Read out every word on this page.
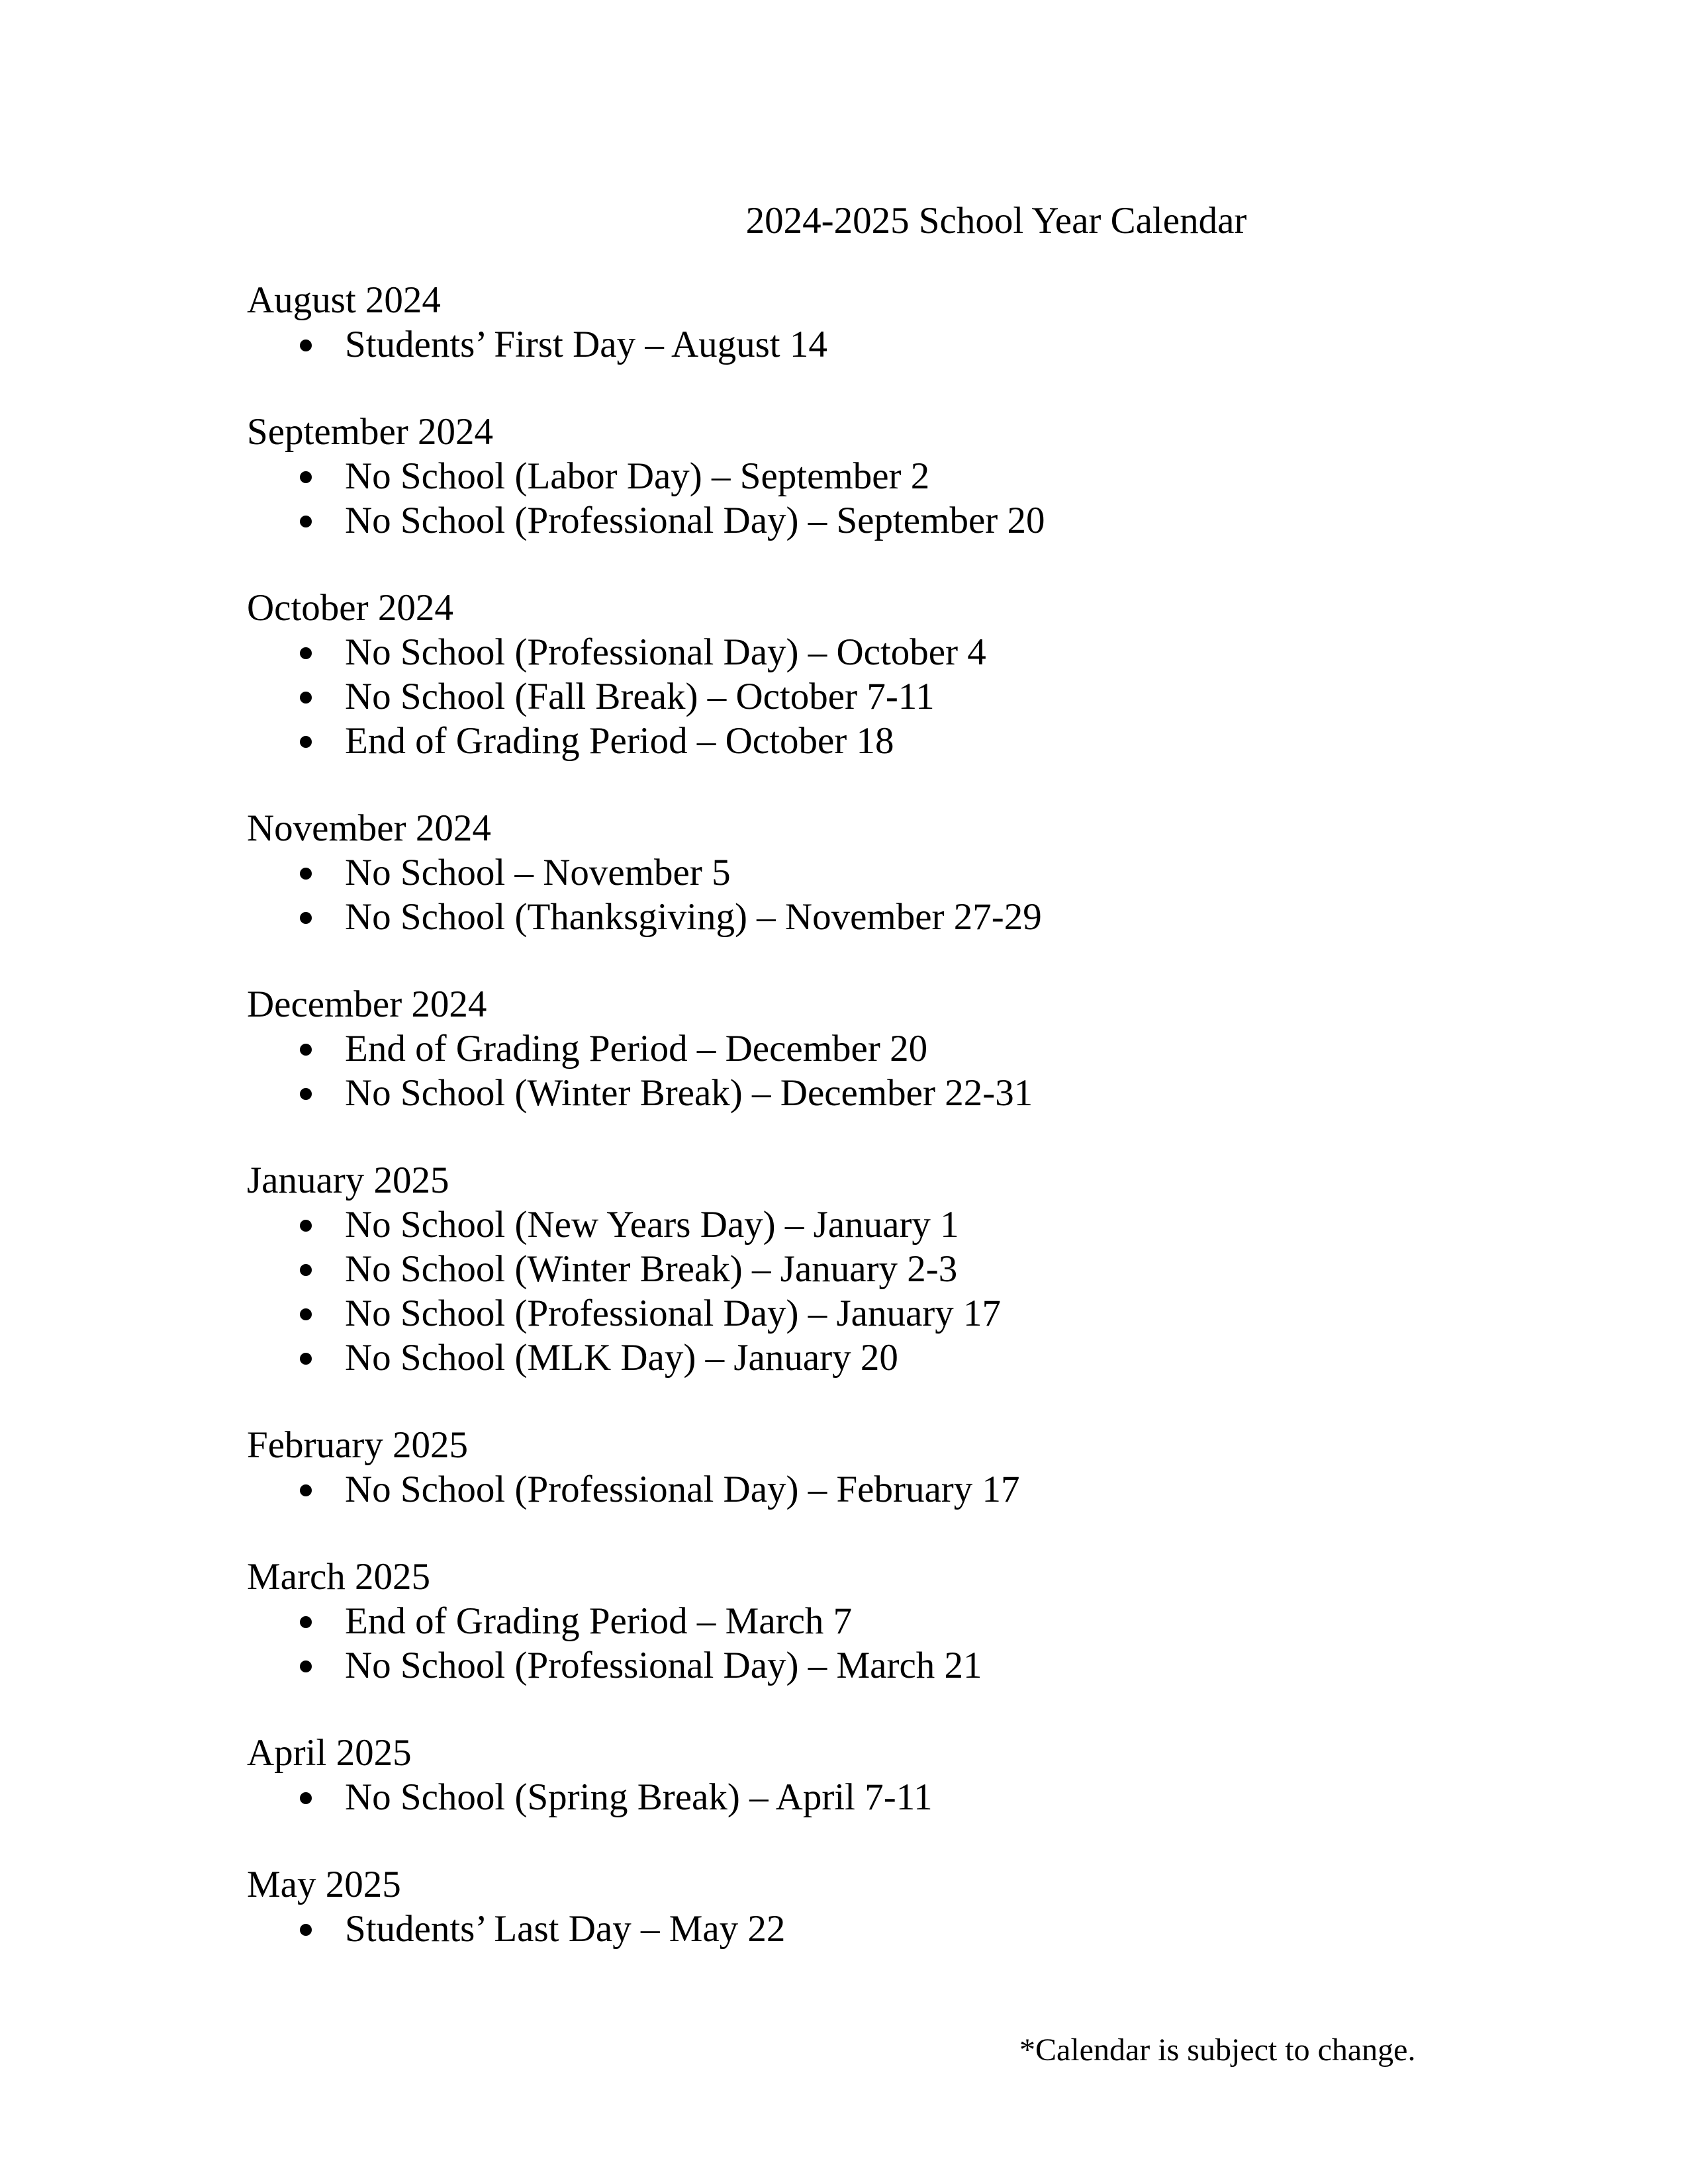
2024-2025 School Year Calendar
August 2024
Students’ First Day – August 14
September 2024
No School (Labor Day) – September 2
No School (Professional Day) – September 20
October 2024
No School (Professional Day) – October 4
No School (Fall Break) – October 7-11
End of Grading Period – October 18
November 2024
No School – November 5
No School (Thanksgiving) – November 27-29
December 2024
End of Grading Period – December 20
No School (Winter Break) – December 22-31
January 2025
No School (New Years Day) – January 1
No School (Winter Break) – January 2-3
No School (Professional Day) – January 17
No School (MLK Day) – January 20
February 2025
No School (Professional Day) – February 17
March 2025
End of Grading Period – March 7
No School (Professional Day) – March 21
April 2025
No School (Spring Break) – April 7-11
May 2025
Students’ Last Day – May 22

*Calendar is subject to change.
